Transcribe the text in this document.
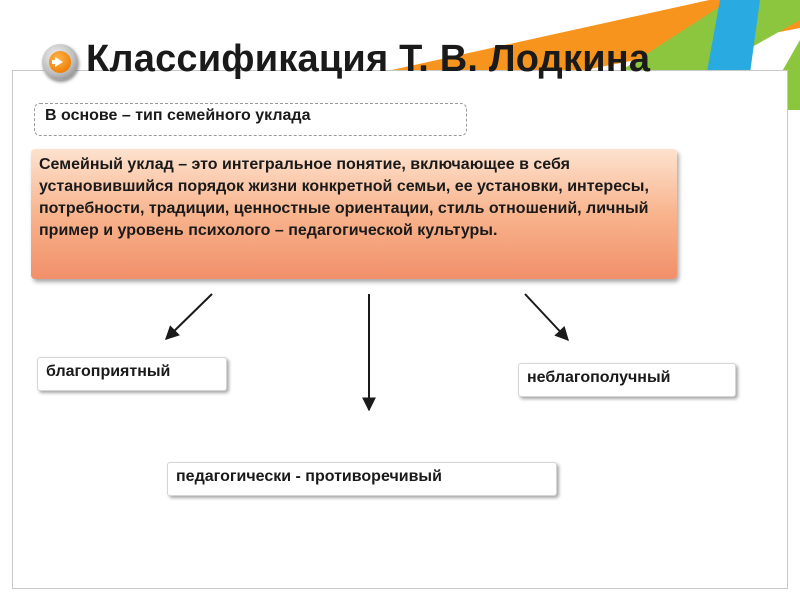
Классификация Т. В. Лодкина
В основе – тип семейного уклада
Семейный уклад – это интегральное понятие, включающее в себя установившийся порядок жизни конкретной семьи, ее установки, интересы, потребности, традиции, ценностные ориентации, стиль отношений, личный пример и уровень психолого – педагогической культуры.
благоприятный	неблагополучный
педагогически - противоречивый
